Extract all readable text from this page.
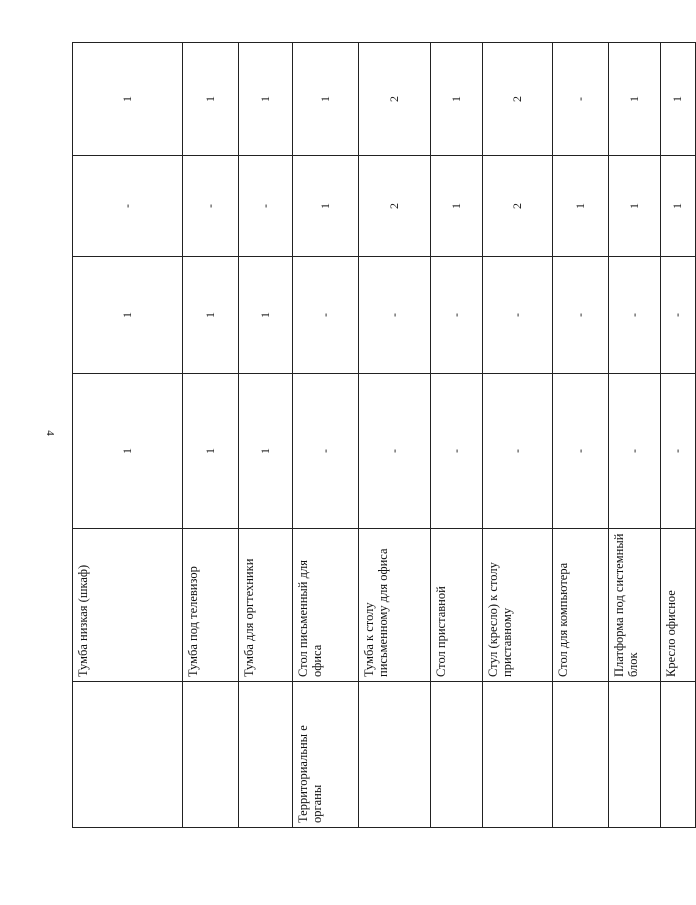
4
	Тумба низкая (шкаф)	1	1	-	1	
	Тумба под телевизор	1	1	-	1	
	Тумба для оргтехники	1	1	-	1	
Территориальны е органы	Стол письменный для офиса	-	-	1	1	
	Тумба к столу письменному для офиса	-	-	2	2	
	Стол приставной	-	-	1	1	
	Стул (кресло) к столу приставному	-	-	2	2	
	Стол для компьютера	-	-	1	-	
	Платформа под системный блок	-	-	1	1	
	Кресло офисное	-	-	1	1	
